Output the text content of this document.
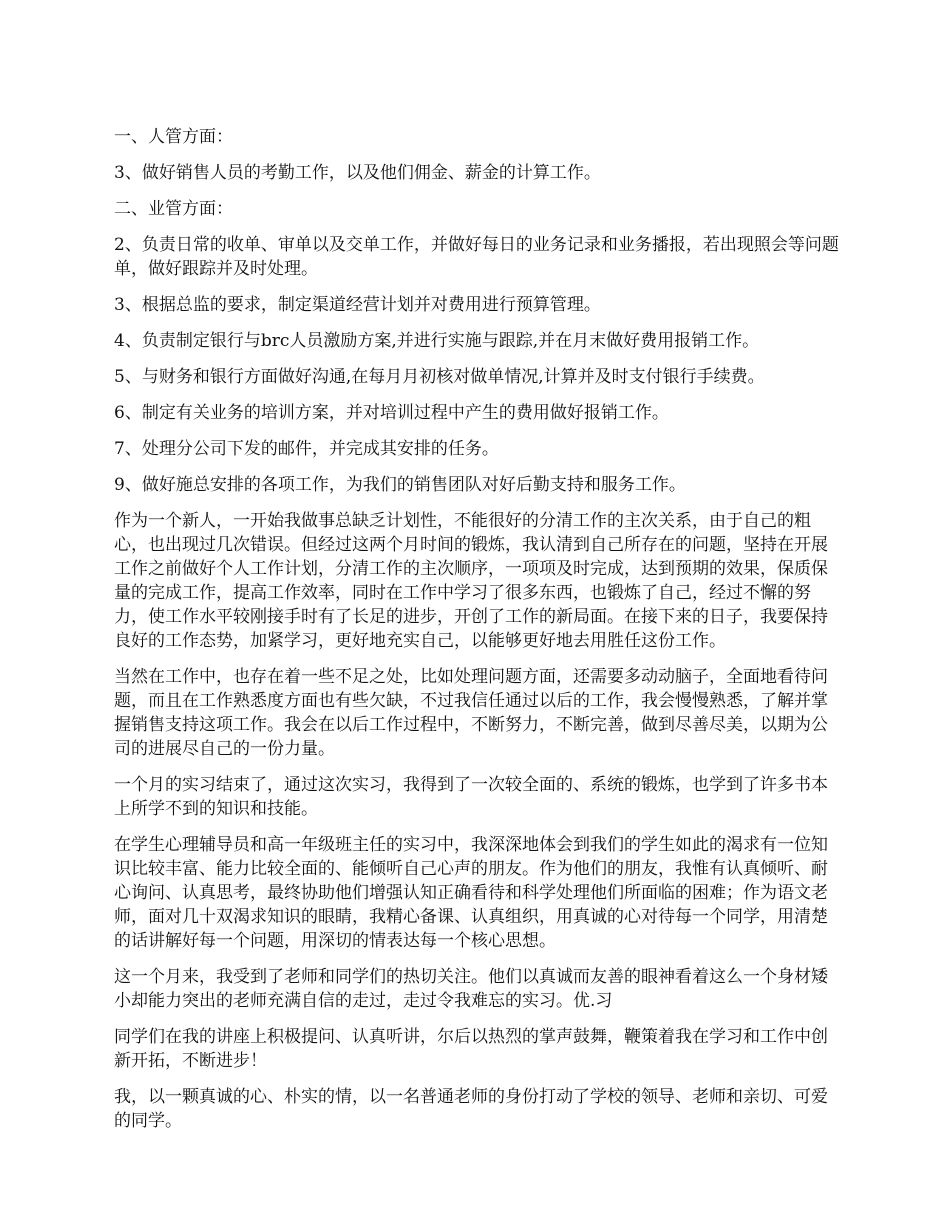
一、人管方面：

3、做好销售人员的考勤工作，以及他们佣金、薪金的计算工作。

二、业管方面：

2、负责日常的收单、审单以及交单工作，并做好每日的业务记录和业务播报，若出现照会等问题单，做好跟踪并及时处理。

3、根据总监的要求，制定渠道经营计划并对费用进行预算管理。

4、负责制定银行与brc人员激励方案,并进行实施与跟踪,并在月末做好费用报销工作。

5、与财务和银行方面做好沟通,在每月月初核对做单情况,计算并及时支付银行手续费。

6、制定有关业务的培训方案，并对培训过程中产生的费用做好报销工作。

7、处理分公司下发的邮件，并完成其安排的任务。

9、做好施总安排的各项工作，为我们的销售团队对好后勤支持和服务工作。

作为一个新人，一开始我做事总缺乏计划性，不能很好的分清工作的主次关系，由于自己的粗心，也出现过几次错误。但经过这两个月时间的锻炼，我认清到自己所存在的问题，坚持在开展工作之前做好个人工作计划，分清工作的主次顺序，一项项及时完成，达到预期的效果，保质保量的完成工作，提高工作效率，同时在工作中学习了很多东西，也锻炼了自己，经过不懈的努力，使工作水平较刚接手时有了长足的进步，开创了工作的新局面。在接下来的日子，我要保持良好的工作态势，加紧学习，更好地充实自己，以能够更好地去用胜任这份工作。

当然在工作中，也存在着一些不足之处，比如处理问题方面，还需要多动动脑子，全面地看待问题，而且在工作熟悉度方面也有些欠缺，不过我信任通过以后的工作，我会慢慢熟悉，了解并掌握销售支持这项工作。我会在以后工作过程中，不断努力，不断完善，做到尽善尽美，以期为公司的进展尽自己的一份力量。

一个月的实习结束了，通过这次实习，我得到了一次较全面的、系统的锻炼，也学到了许多书本上所学不到的知识和技能。

在学生心理辅导员和高一年级班主任的实习中，我深深地体会到我们的学生如此的渴求有一位知识比较丰富、能力比较全面的、能倾听自己心声的朋友。作为他们的朋友，我惟有认真倾听、耐心询问、认真思考，最终协助他们增强认知正确看待和科学处理他们所面临的困难；作为语文老师，面对几十双渴求知识的眼睛，我精心备课、认真组织，用真诚的心对待每一个同学，用清楚的话讲解好每一个问题，用深切的情表达每一个核心思想。

这一个月来，我受到了老师和同学们的热切关注。他们以真诚而友善的眼神看着这么一个身材矮小却能力突出的老师充满自信的走过，走过令我难忘的实习。优.习

同学们在我的讲座上积极提问、认真听讲，尔后以热烈的掌声鼓舞，鞭策着我在学习和工作中创新开拓，不断进步！

我，以一颗真诚的心、朴实的情，以一名普通老师的身份打动了学校的领导、老师和亲切、可爱的同学。
